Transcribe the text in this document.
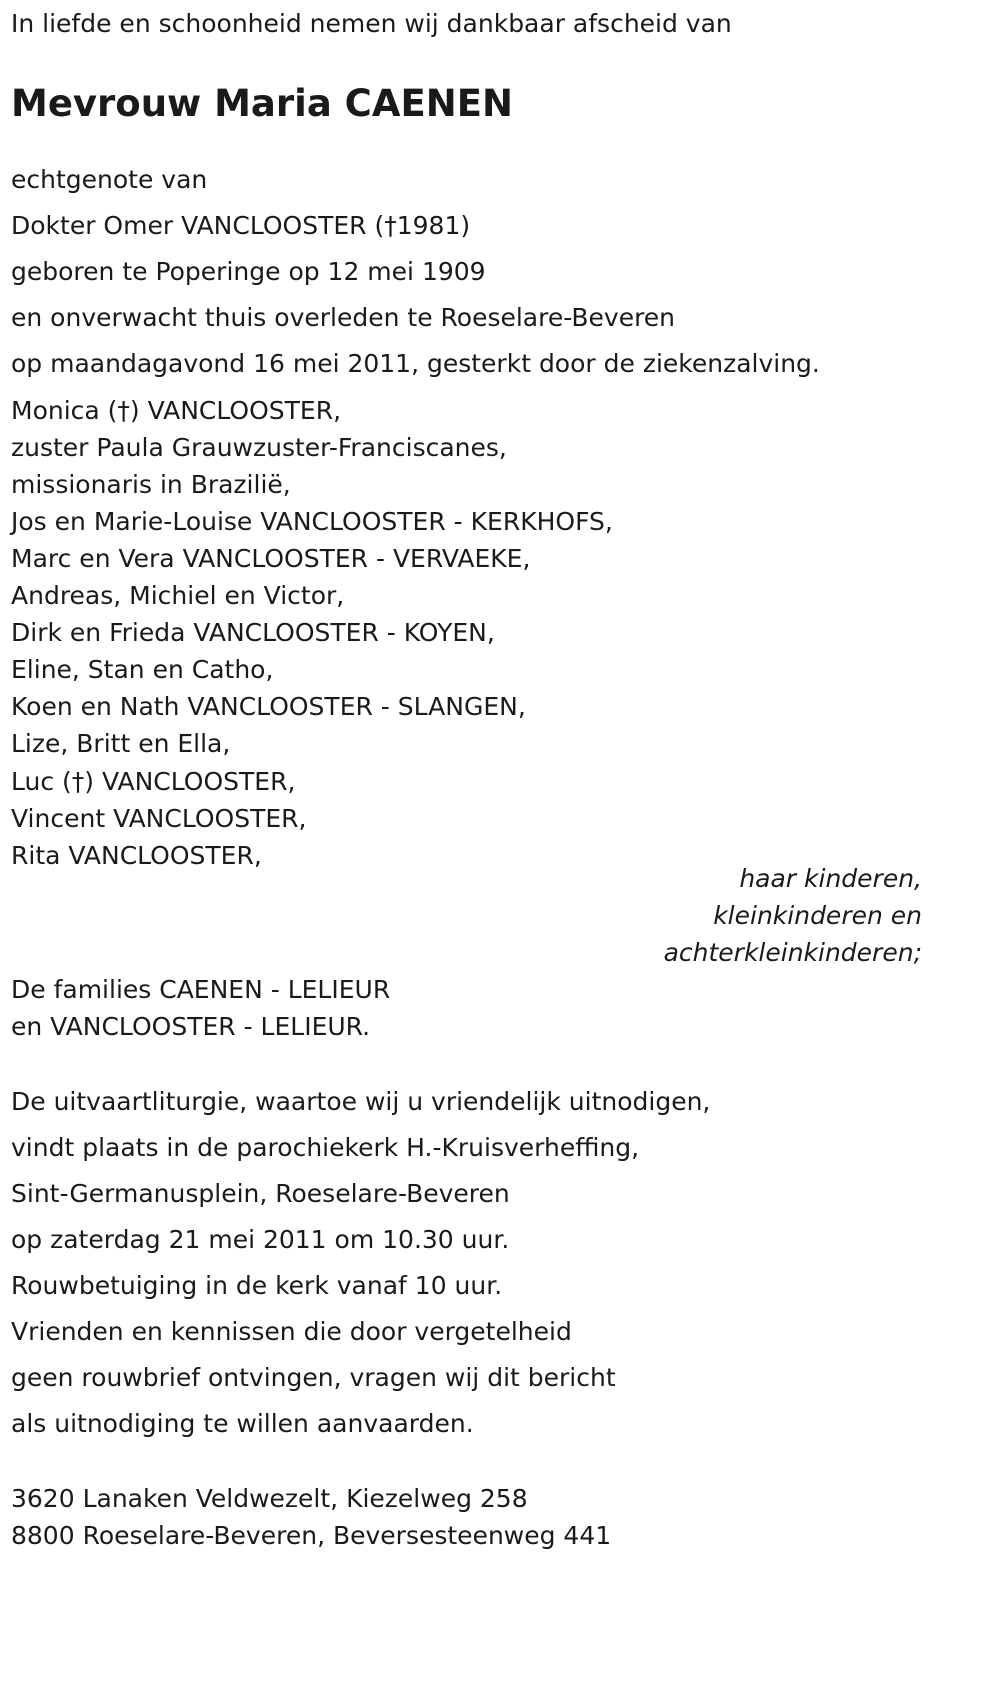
In liefde en schoonheid nemen wij dankbaar afscheid van
Mevrouw Maria CAENEN
echtgenote van
Dokter Omer VANCLOOSTER (†1981)
geboren te Poperinge op 12 mei 1909
en onverwacht thuis overleden te Roeselare-Beveren
op maandagavond 16 mei 2011, gesterkt door de ziekenzalving.
Monica (†) VANCLOOSTER,
zuster Paula Grauwzuster-Franciscanes,
missionaris in Brazilië,
Jos en Marie-Louise VANCLOOSTER - KERKHOFS,
Marc en Vera VANCLOOSTER - VERVAEKE,
Andreas, Michiel en Victor,
Dirk en Frieda VANCLOOSTER - KOYEN,
Eline, Stan en Catho,
Koen en Nath VANCLOOSTER - SLANGEN,
Lize, Britt en Ella,
Luc (†) VANCLOOSTER,
Vincent VANCLOOSTER,
Rita VANCLOOSTER,
haar kinderen,
kleinkinderen en
achterkleinkinderen;
De families CAENEN - LELIEUR
en VANCLOOSTER - LELIEUR.
De uitvaartliturgie, waartoe wij u vriendelijk uitnodigen,
vindt plaats in de parochiekerk H.-Kruisverheffing,
Sint-Germanusplein, Roeselare-Beveren
op zaterdag 21 mei 2011 om 10.30 uur.
Rouwbetuiging in de kerk vanaf 10 uur.
Vrienden en kennissen die door vergetelheid
geen rouwbrief ontvingen, vragen wij dit bericht
als uitnodiging te willen aanvaarden.
3620 Lanaken Veldwezelt, Kiezelweg 258
8800 Roeselare-Beveren, Beversesteenweg 441
